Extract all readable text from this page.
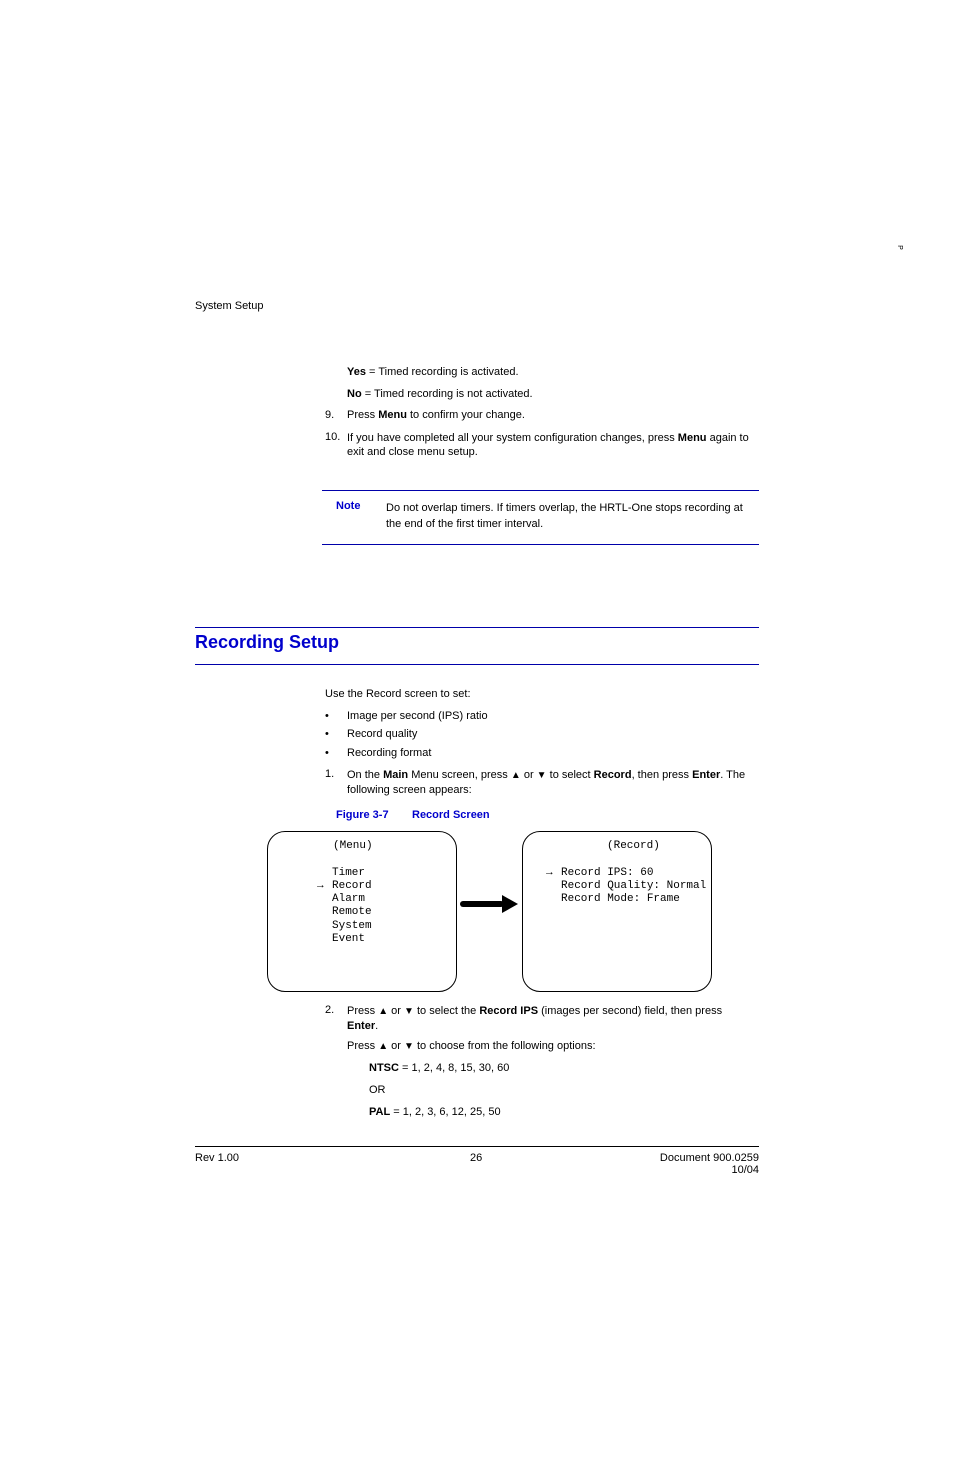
P
System Setup
Yes = Timed recording is activated.
No = Timed recording is not activated.
9. Press Menu to confirm your change.
10. If you have completed all your system configuration changes, press Menu again to
exit and close menu setup.
Note Do not overlap timers. If timers overlap, the HRTL-One stops recording at
the end of the first timer interval.
Recording Setup
Use the Record screen to set:
• Image per second (IPS) ratio
• Record quality
• Recording format
1. On the Main Menu screen, press ▲ or ▼ to select Record, then press Enter. The
following screen appears:
Figure 3-7 Record Screen
(Menu)
Timer
→ Record
Alarm
Remote
System
Event
(Record)
→ Record IPS: 60
Record Quality: Normal
Record Mode: Frame
2. Press ▲ or ▼ to select the Record IPS (images per second) field, then press
Enter.
Press ▲ or ▼ to choose from the following options:
NTSC = 1, 2, 4, 8, 15, 30, 60
OR
PAL = 1, 2, 3, 6, 12, 25, 50
Rev 1.00	26	Document 900.0259
10/04
